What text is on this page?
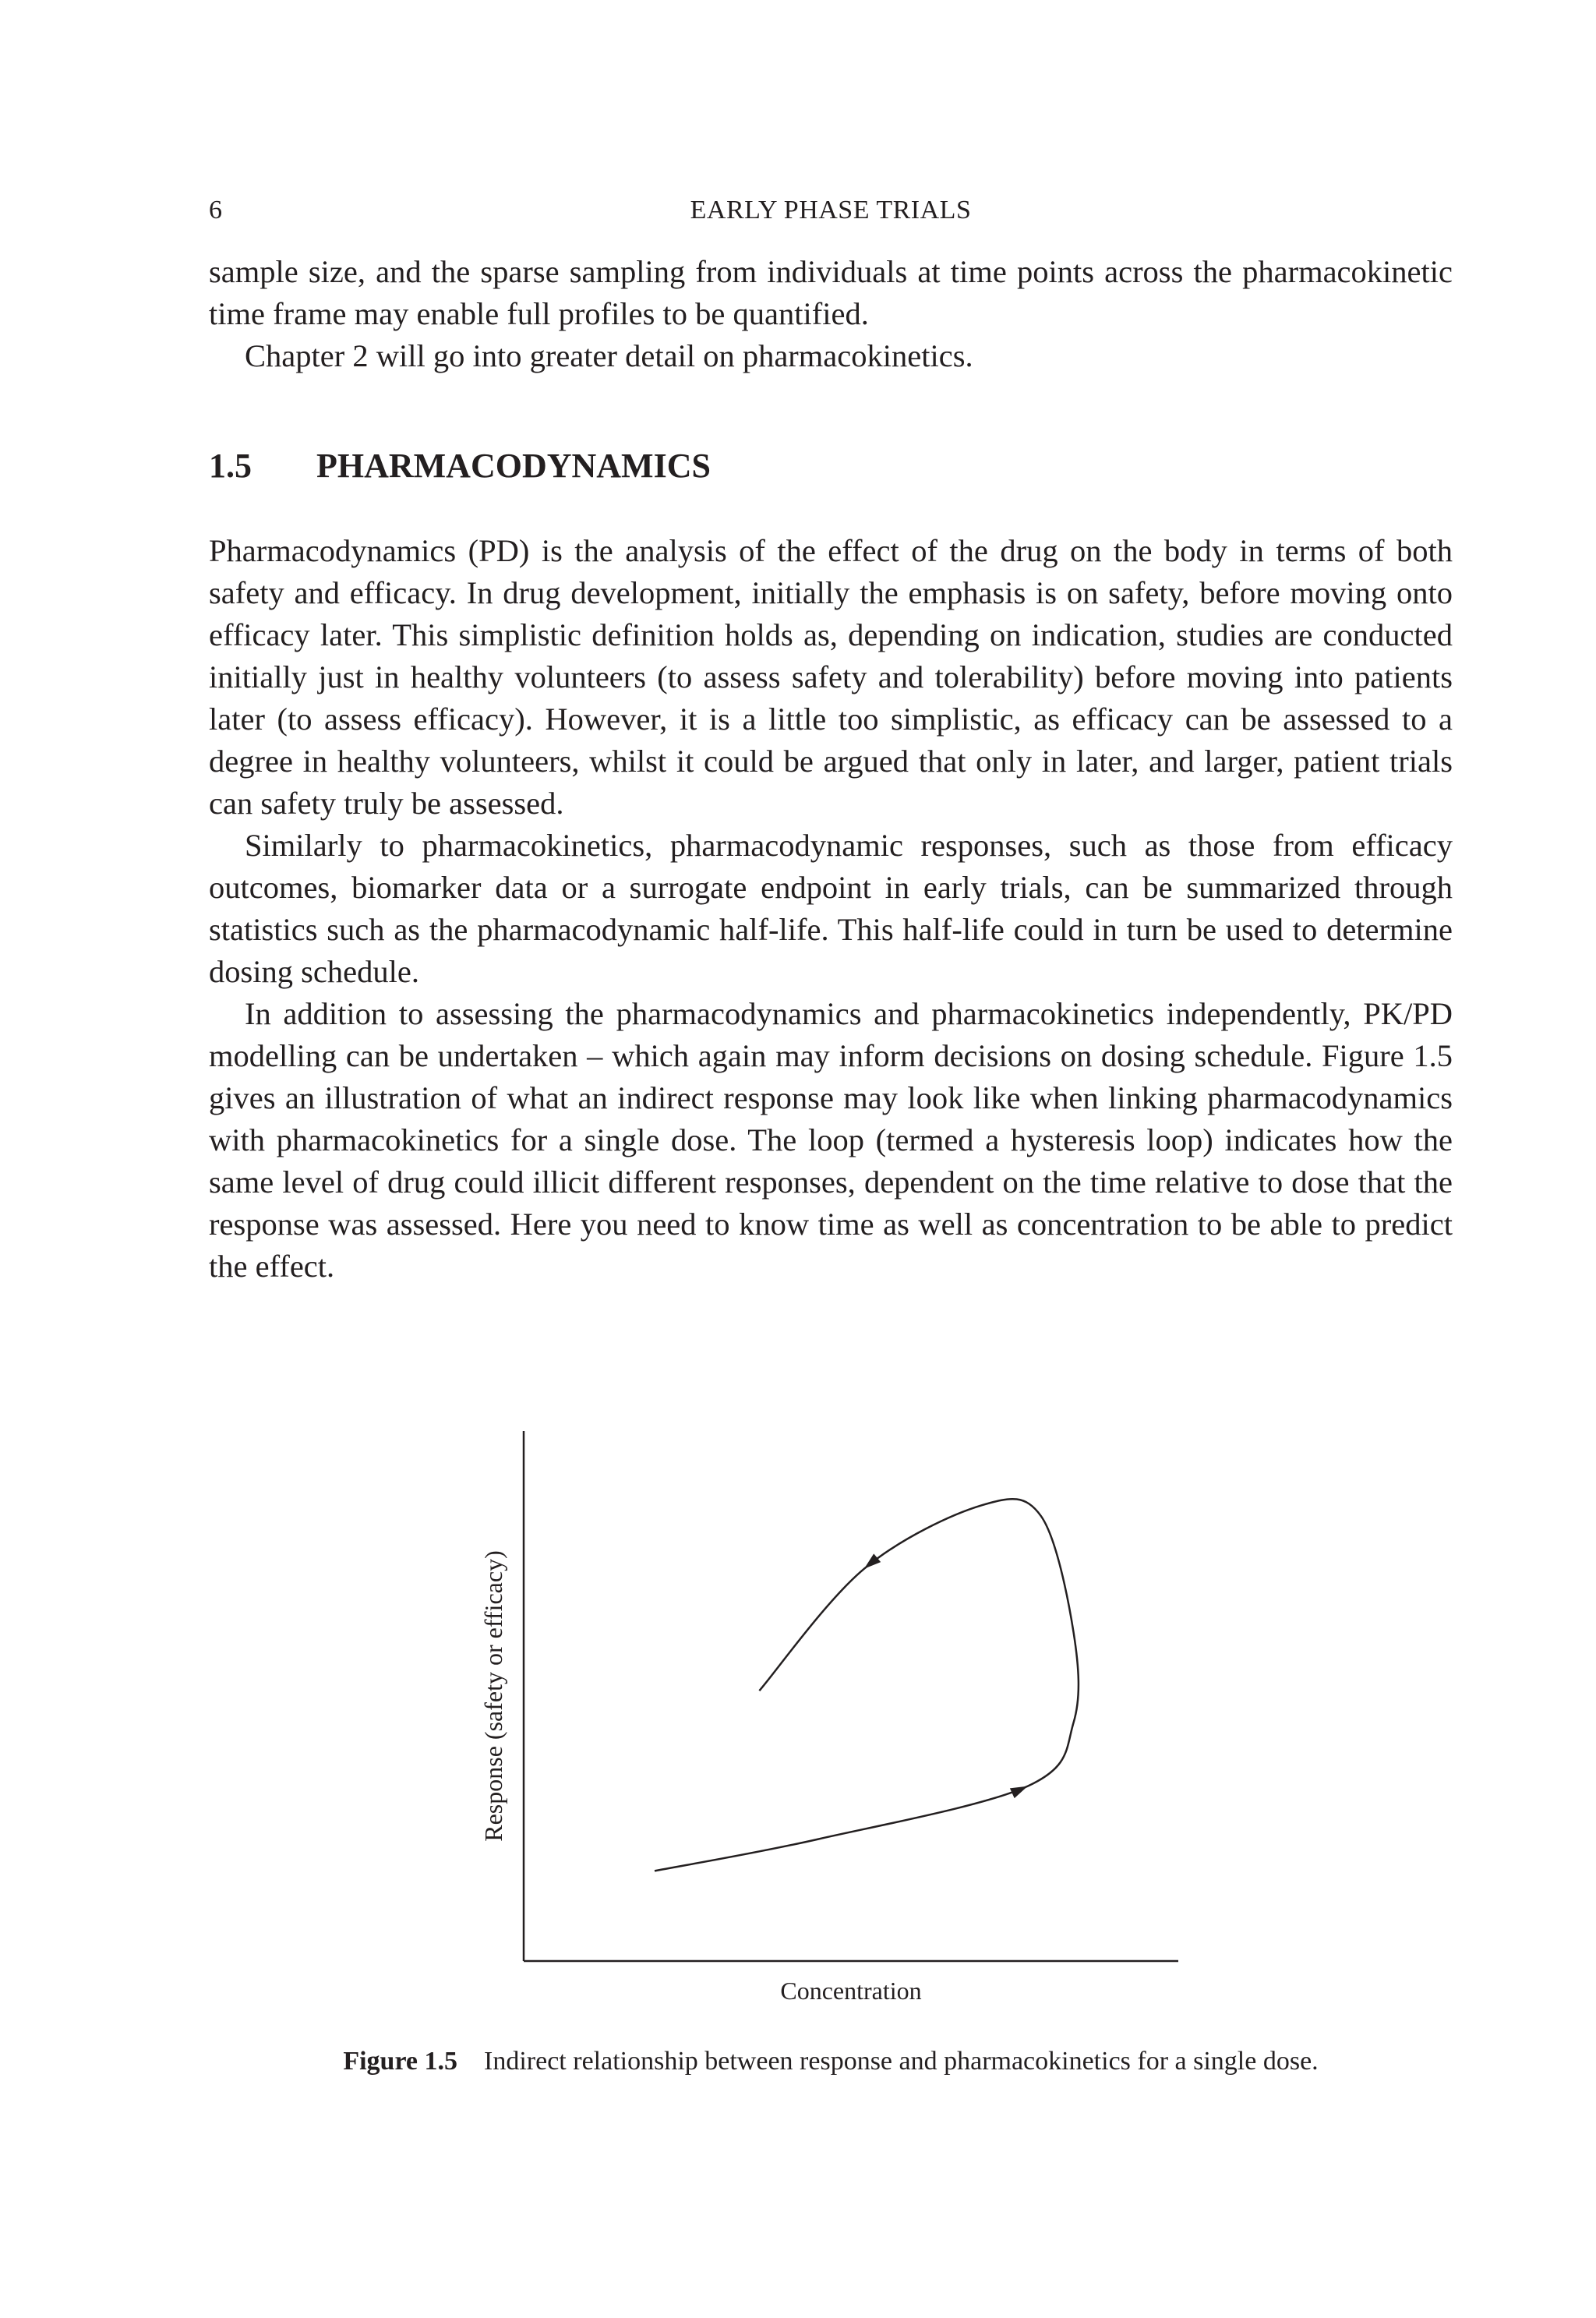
6	EARLY PHASE TRIALS

sample size, and the sparse sampling from individuals at time points across the pharmacokinetic time frame may enable full profiles to be quantified.

Chapter 2 will go into greater detail on pharmacokinetics.

1.5 PHARMACODYNAMICS

Pharmacodynamics (PD) is the analysis of the effect of the drug on the body in terms of both safety and efficacy. In drug development, initially the emphasis is on safety, before moving onto efficacy later. This simplistic definition holds as, depending on indication, studies are conducted initially just in healthy volunteers (to assess safety and tolerability) before moving into patients later (to assess efficacy). However, it is a little too simplistic, as efficacy can be assessed to a degree in healthy volunteers, whilst it could be argued that only in later, and larger, patient trials can safety truly be assessed.

Similarly to pharmacokinetics, pharmacodynamic responses, such as those from efficacy outcomes, biomarker data or a surrogate endpoint in early trials, can be summarized through statistics such as the pharmacodynamic half-life. This half-life could in turn be used to determine dosing schedule.

In addition to assessing the pharmacodynamics and pharmacokinetics independently, PK/PD modelling can be undertaken – which again may inform decisions on dosing schedule. Figure 1.5 gives an illustration of what an indirect response may look like when linking pharmacodynamics with pharmacokinetics for a single dose. The loop (termed a hysteresis loop) indicates how the same level of drug could illicit different responses, dependent on the time relative to dose that the response was assessed. Here you need to know time as well as concentration to be able to predict the effect.

Concentration
Response (safety or efficacy)
Figure 1.5 Indirect relationship between response and pharmacokinetics for a single dose.
